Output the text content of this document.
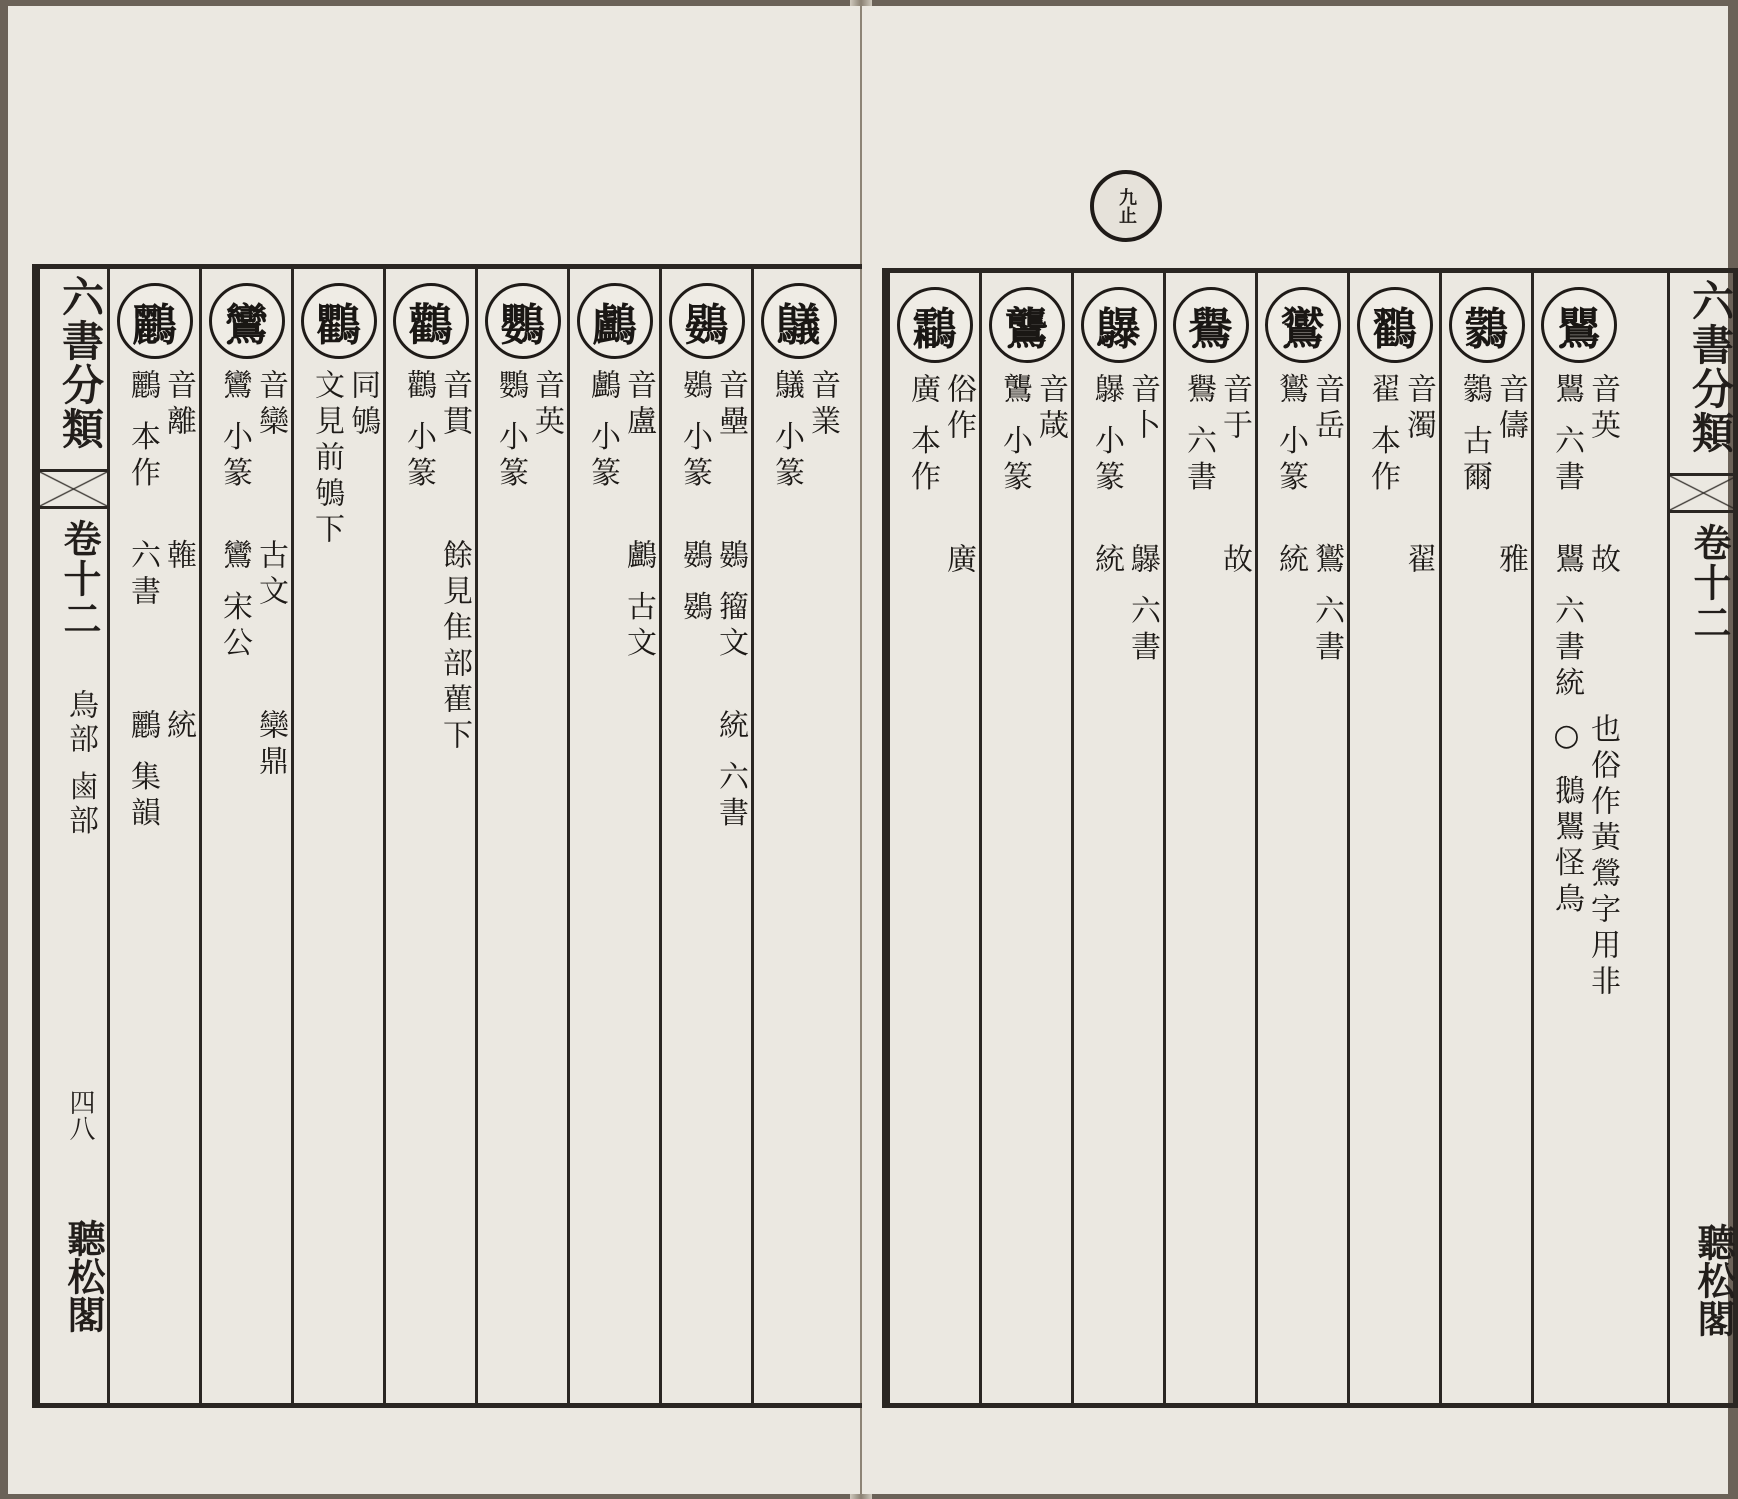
六書分類
卷十二
鳥部 鹵部
四八
聽松閣
鸃
音業
鸃 小篆
鷃
音壘
鷃 小篆
鷃 籀文
鷃 鷃
統 六書
鸕
音盧
鸕 小篆
鸕 古文
鸚
音英
鸚 小篆
鸛
音貫
鸛 小篆
餘見隹部雚下
鸜
同鴝
文見前鴝下
鸞
音欒
鸞 小篆
古文
鸞 宋公
欒鼎
鸝
音離
鸝 本作
雗
六書
統
鸝 集韻
鸎
音英
鸎 六書
故
鸎 六書統 ○ 鵝鸎怪鳥 也俗作黃鶯字用非
鸏
音儔
鸏 古爾
雅
鸐
音濁
翟 本作
翟
鸑
音岳
鸑 小篆
鸑 六書
統
鸒
音于
鸒 六書
故
鸔
音卜
鸔 小篆
鸔 六書
統
鸗
音葴
鸗 小篆
鸘
俗作
廣 本作
廣
六書分類
卷十二
聽松閣
九止
